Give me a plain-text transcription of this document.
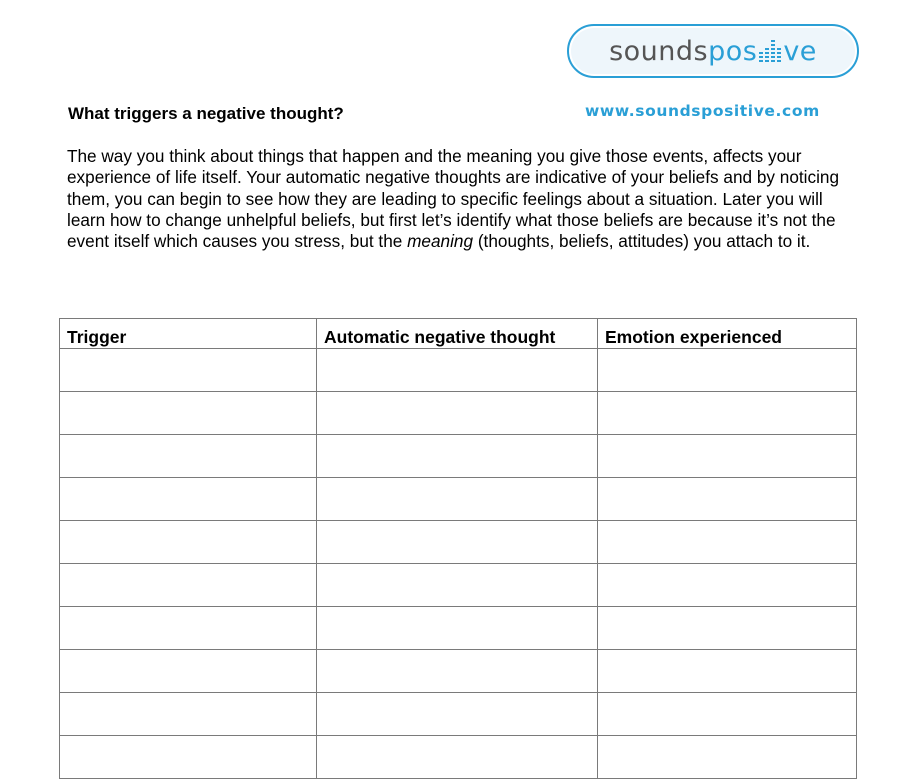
soundspos ve
What triggers a negative thought?	www.soundspositive.com

The way you think about things that happen and the meaning you give those events, affects your experience of life itself. Your automatic negative thoughts are indicative of your beliefs and by noticing them, you can begin to see how they are leading to specific feelings about a situation. Later you will learn how to change unhelpful beliefs, but first let’s identify what those beliefs are because it’s not the event itself which causes you stress, but the meaning (thoughts, beliefs, attitudes) you attach to it.

Trigger	Automatic negative thought	Emotion experienced
